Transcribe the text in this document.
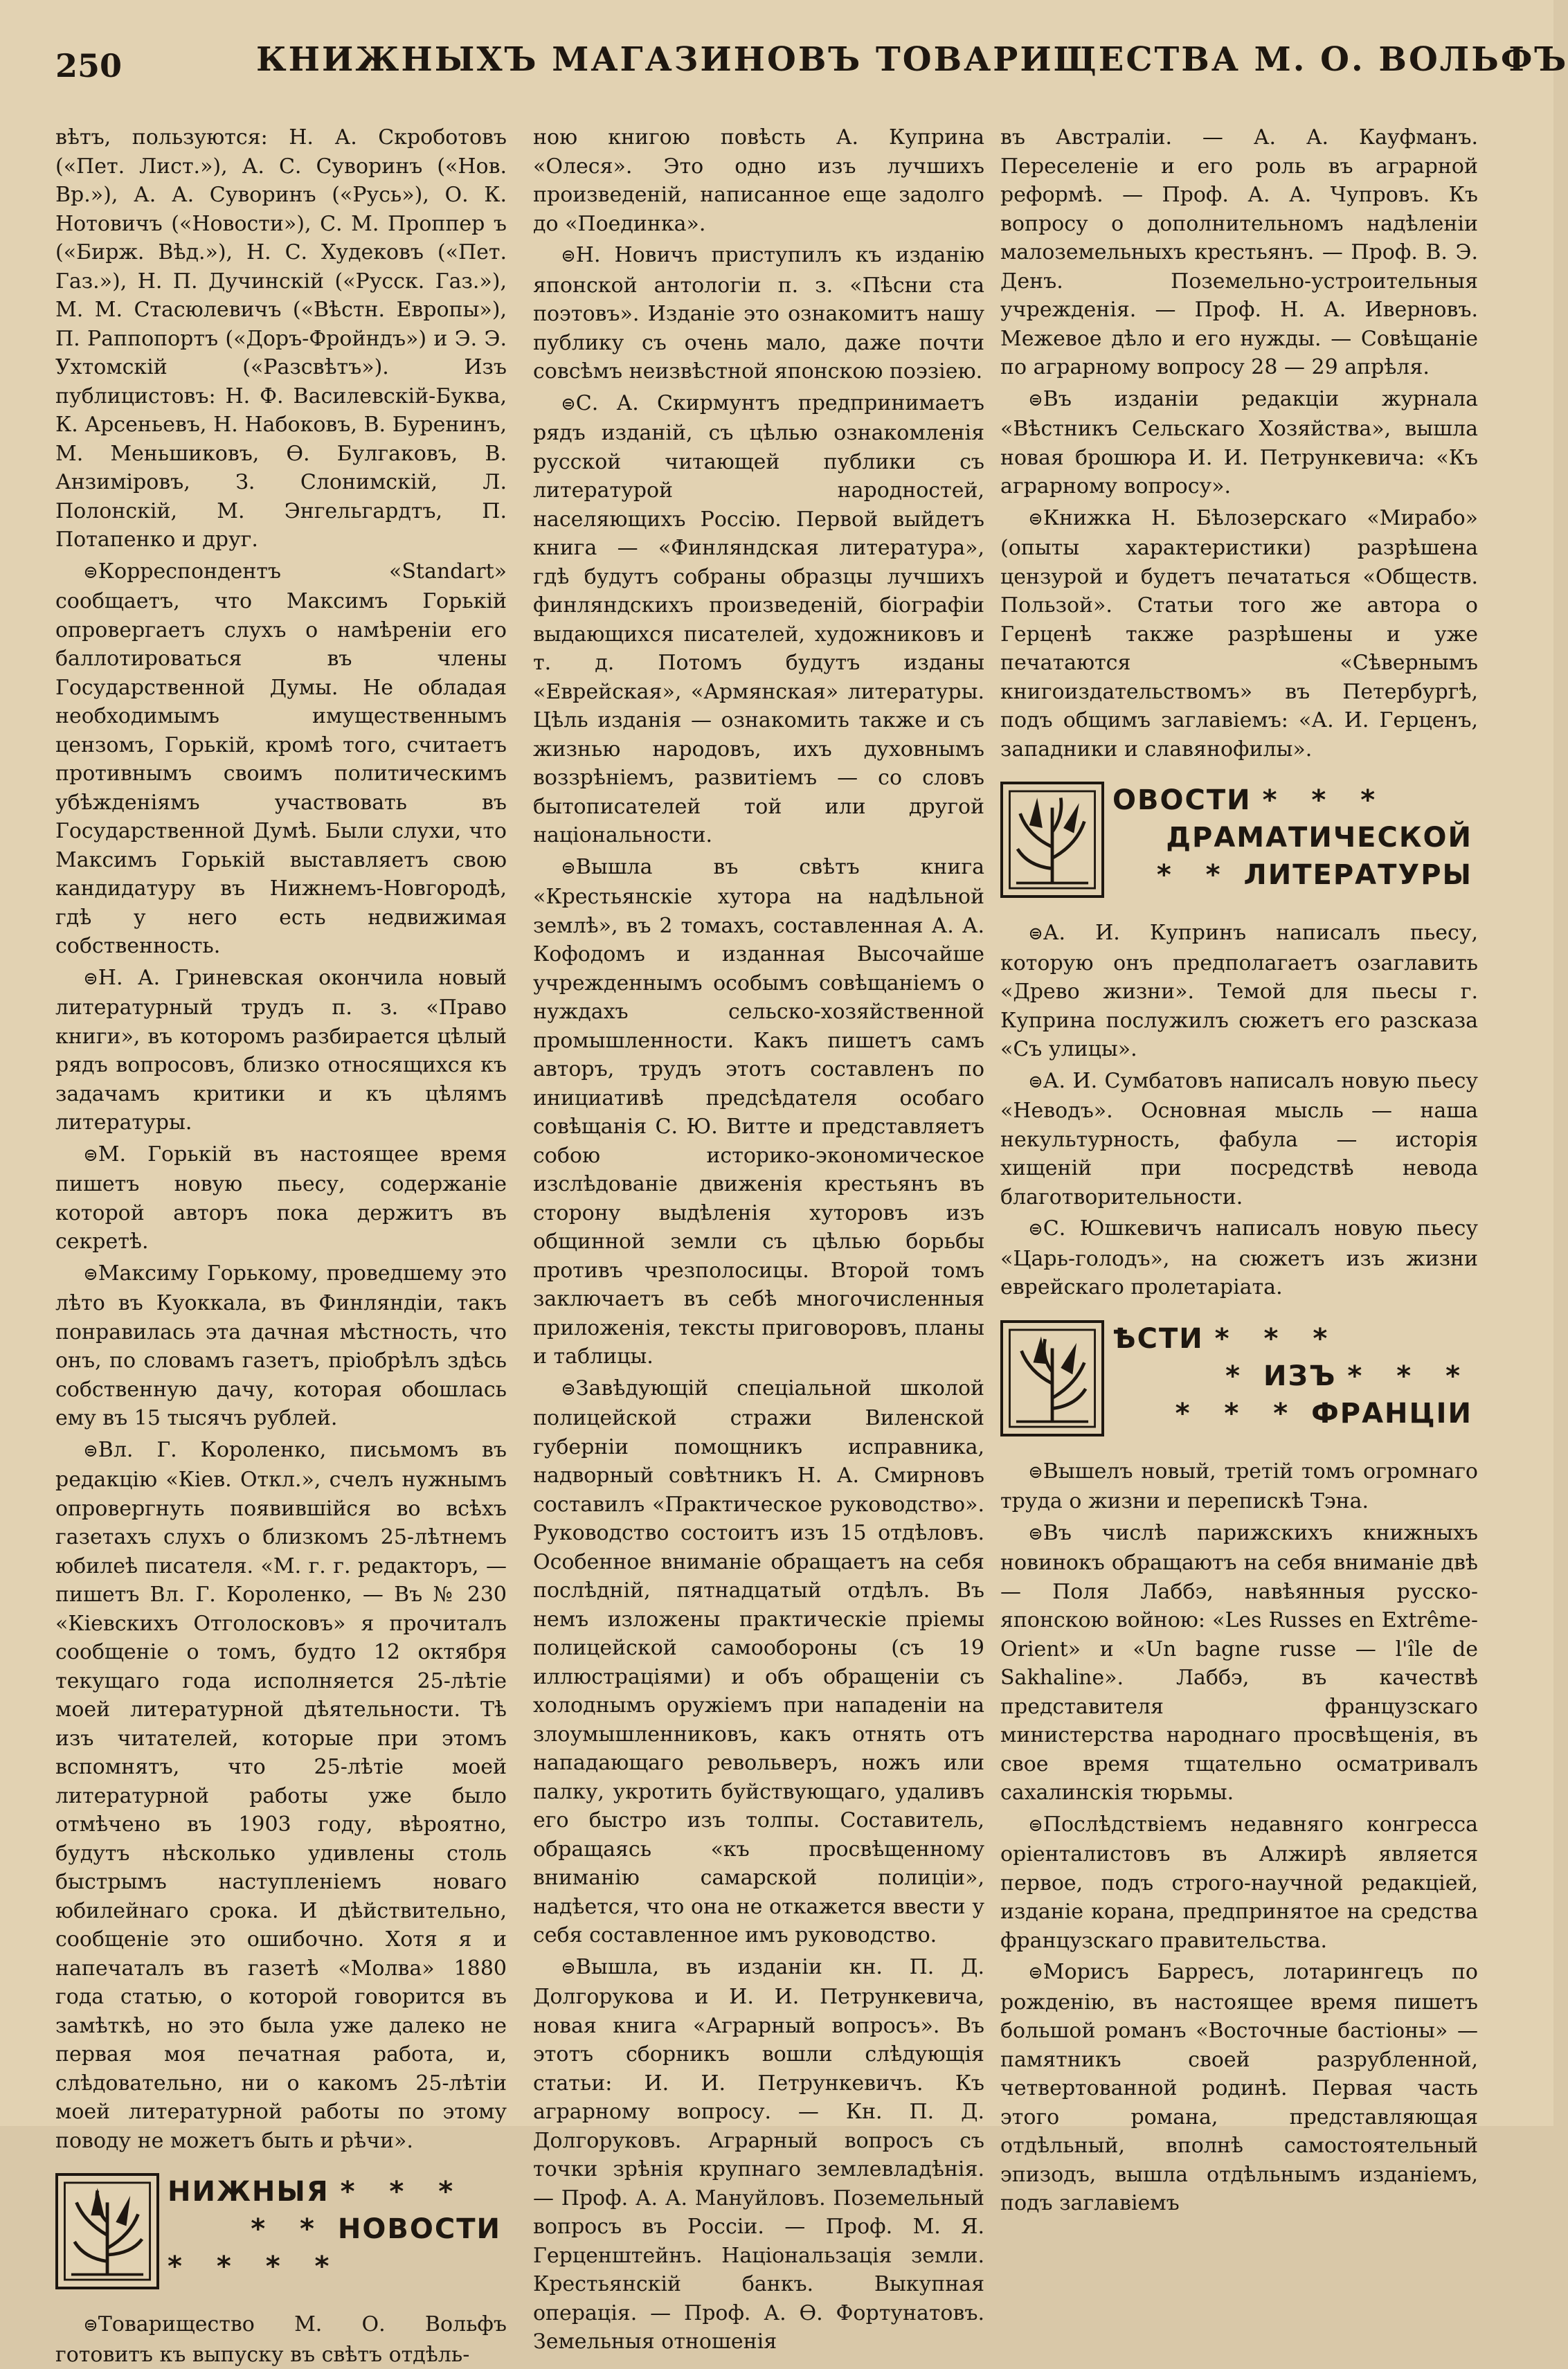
250	КНИЖНЫХЪ МАГАЗИНОВЪ ТОВАРИЩЕСТВА М. О. ВОЛЬФЪ

вѣтъ, пользуются: Н. А. Скроботовъ («Пет. Лист.»), А. С. Суворинъ («Нов. Вр.»), А. А. Суворинъ («Русь»), О. К. Нотовичъ («Новости»), С. М. Проппер ъ («Бирж. Вѣд.»), Н. С. Худековъ («Пет. Газ.»), Н. П. Дучинскій («Русск. Газ.»), М. М. Стасюлевичъ («Вѣстн. Европы»), П. Раппопортъ («Доръ-Фройндъ») и Э. Э. Ухтомскій («Разсвѣтъ»). Изъ публицистовъ: Н. Ф. Василевскій-Буква, К. Арсеньевъ, Н. Набоковъ, В. Буренинъ, М. Меньшиковъ, Ѳ. Булгаковъ, В. Анзиміровъ, З. Слонимскій, Л. Полонскій, М. Энгельгардтъ, П. Потапенко и друг.

⊜ Корреспондентъ «Standart» сообщаетъ, что Максимъ Горькій опровергаетъ слухъ о намѣреніи его баллотироваться въ члены Государственной Думы. Не обладая необходимымъ имущественнымъ цензомъ, Горькій, кромѣ того, считаетъ противнымъ своимъ политическимъ убѣжденіямъ участвовать въ Государственной Думѣ. Были слухи, что Максимъ Горькій выставляетъ свою кандидатуру въ Нижнемъ-Новгородѣ, гдѣ у него есть недвижимая собственность.

⊜ Н. А. Гриневская окончила новый литературный трудъ п. з. «Право книги», въ которомъ разбирается цѣлый рядъ вопросовъ, близко относящихся къ задачамъ критики и къ цѣлямъ литературы.

⊜ М. Горькій въ настоящее время пишетъ новую пьесу, содержаніе которой авторъ пока держитъ въ секретѣ.

⊜ Максиму Горькому, проведшему это лѣто въ Куоккала, въ Финляндіи, такъ понравилась эта дачная мѣстность, что онъ, по словамъ газетъ, пріобрѣлъ здѣсь собственную дачу, которая обошлась ему въ 15 тысячъ рублей.

⊜ Вл. Г. Короленко, письмомъ въ редакцію «Кіев. Откл.», счелъ нужнымъ опровергнуть появившійся во всѣхъ газетахъ слухъ о близкомъ 25-лѣтнемъ юбилеѣ писателя. «М. г. г. редакторъ, — пишетъ Вл. Г. Короленко, — Въ № 230 «Кіевскихъ Отголосковъ» я прочиталъ сообщеніе о томъ, будто 12 октября текущаго года исполняется 25-лѣтіе моей литературной дѣятельности. Тѣ изъ читателей, которые при этомъ вспомнятъ, что 25-лѣтіе моей литературной работы уже было отмѣчено въ 1903 году, вѣроятно, будутъ нѣсколько удивлены столь быстрымъ наступленіемъ новаго юбилейнаго срока. И дѣйствительно, сообщеніе это ошибочно. Хотя я и напечаталъ въ газетѣ «Молва» 1880 года статью, о которой говорится въ замѣткѣ, но это была уже далеко не первая моя печатная работа, и, слѣдовательно, ни о какомъ 25-лѣтіи моей литературной работы по этому поводу не можетъ быть и рѣчи».

НИЖНЫЯ * * *
* * НОВОСТИ
* * * *

⊜ Товарищество М. О. Вольфъ готовитъ къ выпуску въ свѣтъ отдѣль-

ною книгою повѣсть А. Куприна «Олеся». Это одно изъ лучшихъ произведеній, написанное еще задолго до «Поединка».

⊜ Н. Новичъ приступилъ къ изданію японской антологіи п. з. «Пѣсни ста поэтовъ». Изданіе это ознакомитъ нашу публику съ очень мало, даже почти совсѣмъ неизвѣстной японскою поэзіею.

⊜ С. А. Скирмунтъ предпринимаетъ рядъ изданій, съ цѣлью ознакомленія русской читающей публики съ литературой народностей, населяющихъ Россію. Первой выйдетъ книга — «Финляндская литература», гдѣ будутъ собраны образцы лучшихъ финляндскихъ произведеній, біографіи выдающихся писателей, художниковъ и т. д. Потомъ будутъ изданы «Еврейская», «Армянская» литературы. Цѣль изданія — ознакомить также и съ жизнью народовъ, ихъ духовнымъ воззрѣніемъ, развитіемъ — со словъ бытописателей той или другой національности.

⊜ Вышла въ свѣтъ книга «Крестьянскіе хутора на надѣльной землѣ», въ 2 томахъ, составленная А. А. Кофодомъ и изданная Высочайше учрежденнымъ особымъ совѣщаніемъ о нуждахъ сельско-хозяйственной промышленности. Какъ пишетъ самъ авторъ, трудъ этотъ составленъ по инициативѣ предсѣдателя особаго совѣщанія С. Ю. Витте и представляетъ собою историко-экономическое изслѣдованіе движенія крестьянъ въ сторону выдѣленія хуторовъ изъ общинной земли съ цѣлью борьбы противъ чрезполосицы. Второй томъ заключаетъ въ себѣ многочисленныя приложенія, тексты приговоровъ, планы и таблицы.

⊜ Завѣдующій спеціальной школой полицейской стражи Виленской губерніи помощникъ исправника, надворный совѣтникъ Н. А. Смирновъ составилъ «Практическое руководство». Руководство состоитъ изъ 15 отдѣловъ. Особенное вниманіе обращаетъ на себя послѣдній, пятнадцатый отдѣлъ. Въ немъ изложены практическіе пріемы полицейской самообороны (съ 19 иллюстраціями) и объ обращеніи съ холоднымъ оружіемъ при нападеніи на злоумышленниковъ, какъ отнять отъ нападающаго револьверъ, ножъ или палку, укротить буйствующаго, удаливъ его быстро изъ толпы. Составитель, обращаясь «къ просвѣщенному вниманію самарской полиціи», надѣется, что она не откажется ввести у себя составленное имъ руководство.

⊜ Вышла, въ изданіи кн. П. Д. Долгорукова и И. И. Петрункевича, новая книга «Аграрный вопросъ». Въ этотъ сборникъ вошли слѣдующія статьи: И. И. Петрункевичъ. Къ аграрному вопросу. — Кн. П. Д. Долгоруковъ. Аграрный вопросъ съ точки зрѣнія крупнаго землевладѣнія. — Проф. А. А. Мануйловъ. Поземельный вопросъ въ Россіи. — Проф. М. Я. Герценштейнъ. Національзація земли. Крестьянскій банкъ. Выкупная операція. — Проф. А. Ѳ. Фортунатовъ. Земельныя отношенія

въ Австраліи. — А. А. Кауфманъ. Переселеніе и его роль въ аграрной реформѣ. — Проф. А. А. Чупровъ. Къ вопросу о дополнительномъ надѣленіи малоземельныхъ крестьянъ. — Проф. В. Э. Денъ. Поземельно-устроительныя учрежденія. — Проф. Н. А. Иверновъ. Межевое дѣло и его нужды. — Совѣщаніе по аграрному вопросу 28 — 29 апрѣля.

⊜ Въ изданіи редакціи журнала «Вѣстникъ Сельскаго Хозяйства», вышла новая брошюра И. И. Петрункевича: «Къ аграрному вопросу».

⊜ Книжка Н. Бѣлозерскаго «Мирабо» (опыты характеристики) разрѣшена цензурой и будетъ печататься «Обществ. Пользой». Статьи того же автора о Герценѣ также разрѣшены и уже печатаются «Сѣвернымъ книгоиздательствомъ» въ Петербургѣ, подъ общимъ заглавіемъ: «А. И. Герценъ, западники и славянофилы».

ОВОСТИ * * *
ДРАМАТИЧЕСКОЙ
* * ЛИТЕРАТУРЫ

⊜ А. И. Купринъ написалъ пьесу, которую онъ предполагаетъ озаглавить «Древо жизни». Темой для пьесы г. Куприна послужилъ сюжетъ его разсказа «Съ улицы».

⊜ А. И. Сумбатовъ написалъ новую пьесу «Неводъ». Основная мысль — наша некультурность, фабула — исторія хищеній при посредствѣ невода благотворительности.

⊜ С. Юшкевичъ написалъ новую пьесу «Царь-голодъ», на сюжетъ изъ жизни еврейскаго пролетаріата.

ѢСТИ * * *
* ИЗЪ * * *
* * * ФРАНЦІИ

⊜ Вышелъ новый, третій томъ огромнаго труда о жизни и перепискѣ Тэна.

⊜ Въ числѣ парижскихъ книжныхъ новинокъ обращаютъ на себя вниманіе двѣ — Поля Лаббэ, навѣянныя русско-японскою войною: «Les Russes en Extrême-Orient» и «Un bagne russe — l'île de Sakhaline». Лаббэ, въ качествѣ представителя французскаго министерства народнаго просвѣщенія, въ свое время тщательно осматривалъ сахалинскія тюрьмы.

⊜ Послѣдствіемъ недавняго конгресса оріенталистовъ въ Алжирѣ является первое, подъ строго-научной редакціей, изданіе корана, предпринятое на средства французскаго правительства.

⊜ Морисъ Барресъ, лотарингецъ по рожденію, въ настоящее время пишетъ большой романъ «Восточные бастіоны» — памятникъ своей разрубленной, четвертованной родинѣ. Первая часть этого романа, представляющая отдѣльный, вполнѣ самостоятельный эпизодъ, вышла отдѣльнымъ изданіемъ, подъ заглавіемъ
